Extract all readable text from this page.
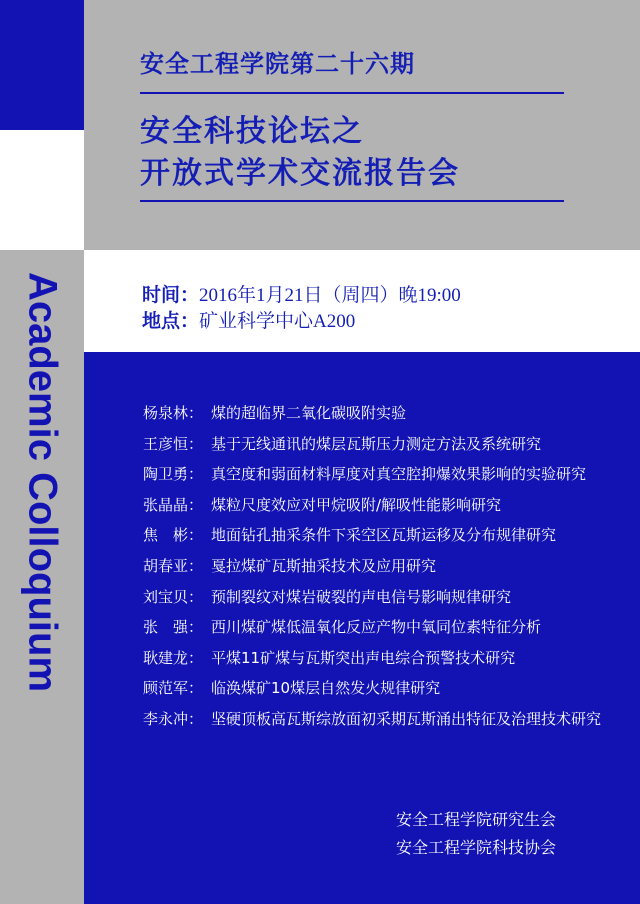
安全工程学院第二十六期
安全科技论坛之
开放式学术交流报告会
时间：2016年1月21日（周四）晚19:00
地点：矿业科学中心A200
Academic Colloquium	杨泉林： 煤的超临界二氧化碳吸附实验
王彦恒： 基于无线通讯的煤层瓦斯压力测定方法及系统研究
陶卫勇： 真空度和弱面材料厚度对真空腔抑爆效果影响的实验研究
张晶晶： 煤粒尺度效应对甲烷吸附/解吸性能影响研究
焦　彬： 地面钻孔抽采条件下采空区瓦斯运移及分布规律研究
胡春亚： 戛拉煤矿瓦斯抽采技术及应用研究
刘宝贝： 预制裂纹对煤岩破裂的声电信号影响规律研究
张　强： 西川煤矿煤低温氧化反应产物中氧同位素特征分析
耿建龙： 平煤11矿煤与瓦斯突出声电综合预警技术研究
顾范军： 临涣煤矿10煤层自然发火规律研究
李永冲： 坚硬顶板高瓦斯综放面初采期瓦斯涌出特征及治理技术研究
安全工程学院研究生会
安全工程学院科技协会
